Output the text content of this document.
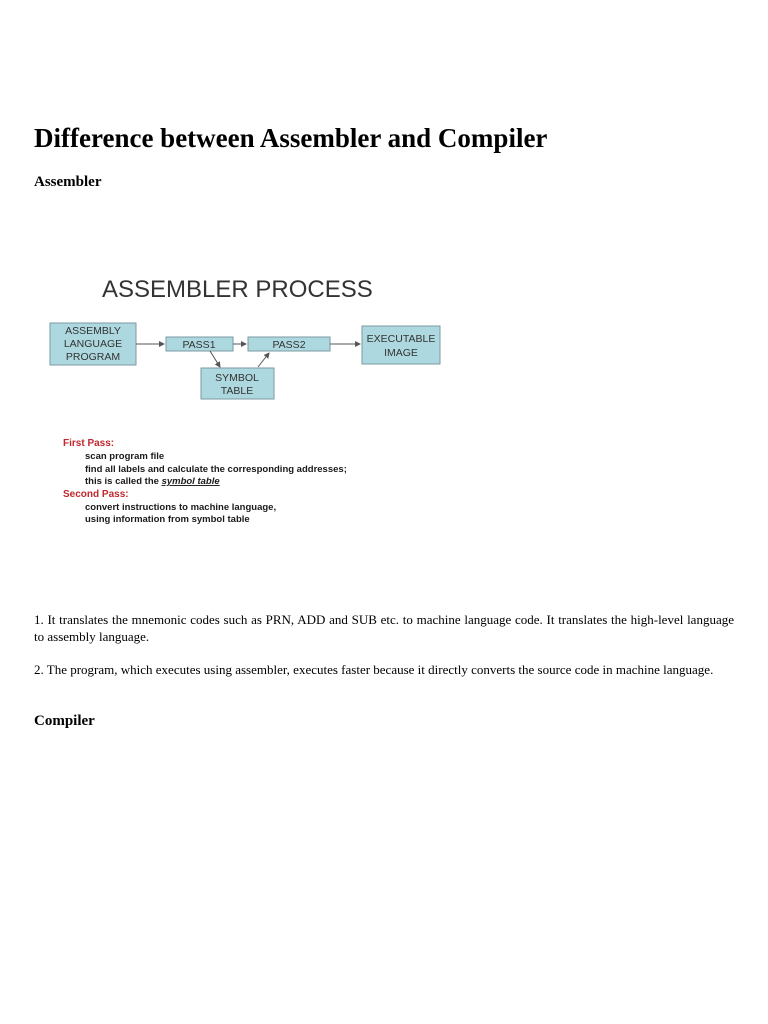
Difference between Assembler and Compiler
Assembler
ASSEMBLER PROCESS
ASSEMBLY
LANGUAGE
PROGRAM
PASS1	PASS2	EXECUTABLE
IMAGE
SYMBOL
TABLE
First Pass:
scan program file
find all labels and calculate the corresponding addresses;
this is called the symbol table
Second Pass:
convert instructions to machine language,
using information from symbol table

1. It translates the mnemonic codes such as PRN, ADD and SUB etc. to machine language code. It translates the high-level language to assembly language.

2. The program, which executes using assembler, executes faster because it directly converts the source code in machine language.

Compiler
